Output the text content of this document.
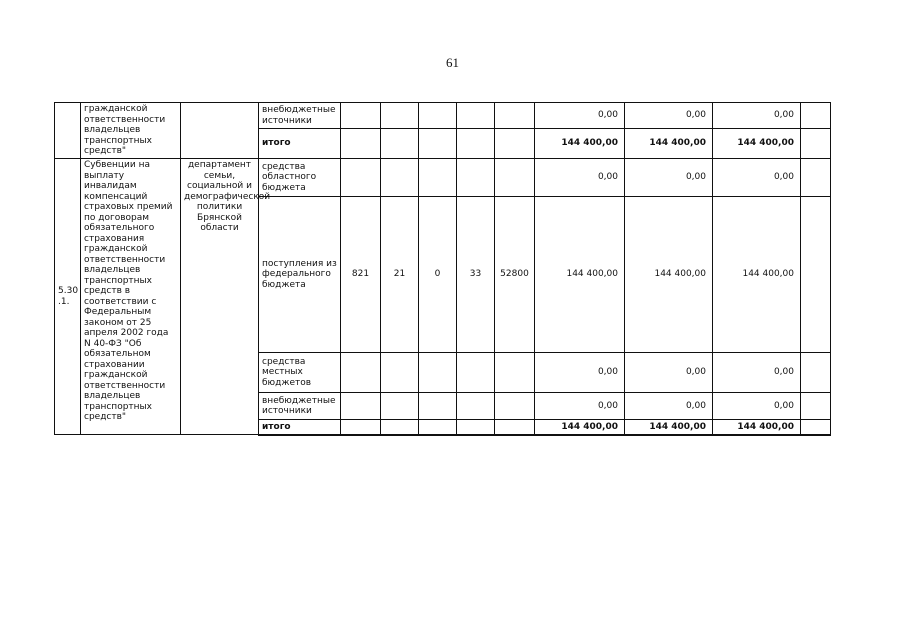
61

	гражданской ответственности владельцев транспортных средств"		внебюджетные источники						0,00	0,00	0,00	
			итого						144 400,00	144 400,00	144 400,00	
5.30 .1.	Субвенции на выплату инвалидам компенсаций страховых премий по договорам обязательного страхования гражданской ответственности владельцев транспортных средств в соответствии с Федеральным законом от 25 апреля 2002 года N 40-ФЗ "Об обязательном страховании гражданской ответственности владельцев транспортных средств"	департамент семьи, социальной и демографической политики Брянской области	средства областного бюджета						0,00	0,00	0,00	
			поступления из федерального бюджета	821	21	0	33	52800	144 400,00	144 400,00	144 400,00	
			средства местных бюджетов						0,00	0,00	0,00	
			внебюджетные источники						0,00	0,00	0,00	
			итого						144 400,00	144 400,00	144 400,00	
